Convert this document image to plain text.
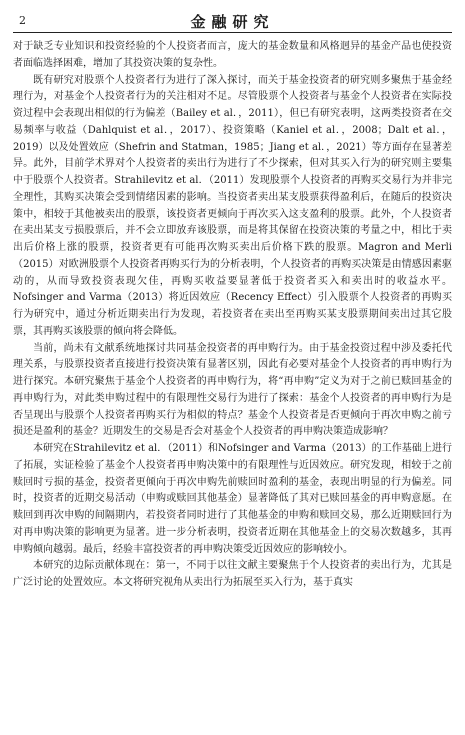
2	金融研究

对于缺乏专业知识和投资经验的个人投资者而言，庞大的基金数量和风格迥异的基金产品也使投资者面临选择困难，增加了其投资决策的复杂性。

既有研究对股票个人投资者行为进行了深入探讨，而关于基金投资者的研究则多聚焦于基金经理行为，对基金个人投资者行为的关注相对不足。尽管股票个人投资者与基金个人投资者在实际投资过程中会表现出相似的行为偏差（Bailey et al．，2011），但已有研究表明，这两类投资者在交易频率与收益（Dahlquist et al．，2017）、投资策略（Kaniel et al．，2008；Dalt et al．，2019）以及处置效应（Shefrin and Statman，1985；Jiang et al．，2021）等方面存在显著差异。此外，目前学术界对个人投资者的卖出行为进行了不少探索，但对其买入行为的研究则主要集中于股票个人投资者。Strahilevitz et al．（2011）发现股票个人投资者的再购买交易行为并非完全理性，其购买决策会受到情绪因素的影响。当投资者卖出某支股票获得盈利后，在随后的投资决策中，相较于其他被卖出的股票，该投资者更倾向于再次买入这支盈利的股票。此外，个人投资者在卖出某支亏损股票后，并不会立即放弃该股票，而是将其保留在投资决策的考量之中，相比于卖出后价格上涨的股票，投资者更有可能再次购买卖出后价格下跌的股票。Magron and Merli（2015）对欧洲股票个人投资者再购买行为的分析表明，个人投资者的再购买决策是由情感因素驱动的，从而导致投资表现欠佳，再购买收益要显著低于投资者买入和卖出时的收益水平。Nofsinger and Varma（2013）将近因效应（Recency Effect）引入股票个人投资者的再购买行为研究中，通过分析近期卖出行为发现，若投资者在卖出至再购买某支股票期间卖出过其它股票，其再购买该股票的倾向将会降低。

当前，尚未有文献系统地探讨共同基金投资者的再申购行为。由于基金投资过程中涉及委托代理关系，与股票投资者直接进行投资决策有显著区别，因此有必要对基金个人投资者的再申购行为进行探究。本研究聚焦于基金个人投资者的再申购行为，将“再申购”定义为对于之前已赎回基金的再申购行为，对此类申购过程中的有限理性交易行为进行了探索：基金个人投资者的再申购行为是否呈现出与股票个人投资者再购买行为相似的特点？基金个人投资者是否更倾向于再次申购之前亏损还是盈利的基金？近期发生的交易是否会对基金个人投资者的再申购决策造成影响？

本研究在Strahilevitz et al．（2011）和Nofsinger and Varma（2013）的工作基础上进行了拓展，实证检验了基金个人投资者再申购决策中的有限理性与近因效应。研究发现，相较于之前赎回时亏损的基金，投资者更倾向于再次申购先前赎回时盈利的基金，表现出明显的行为偏差。同时，投资者的近期交易活动（申购或赎回其他基金）显著降低了其对已赎回基金的再申购意愿。在赎回到再次申购的间隔期内，若投资者同时进行了其他基金的申购和赎回交易，那么近期赎回行为对再申购决策的影响更为显著。进一步分析表明，投资者近期在其他基金上的交易次数越多，其再申购倾向越弱。最后，经验丰富投资者的再申购决策受近因效应的影响较小。

本研究的边际贡献体现在：第一，不同于以往文献主要聚焦于个人投资者的卖出行为，尤其是广泛讨论的处置效应。本文将研究视角从卖出行为拓展至买入行为，基于真实
